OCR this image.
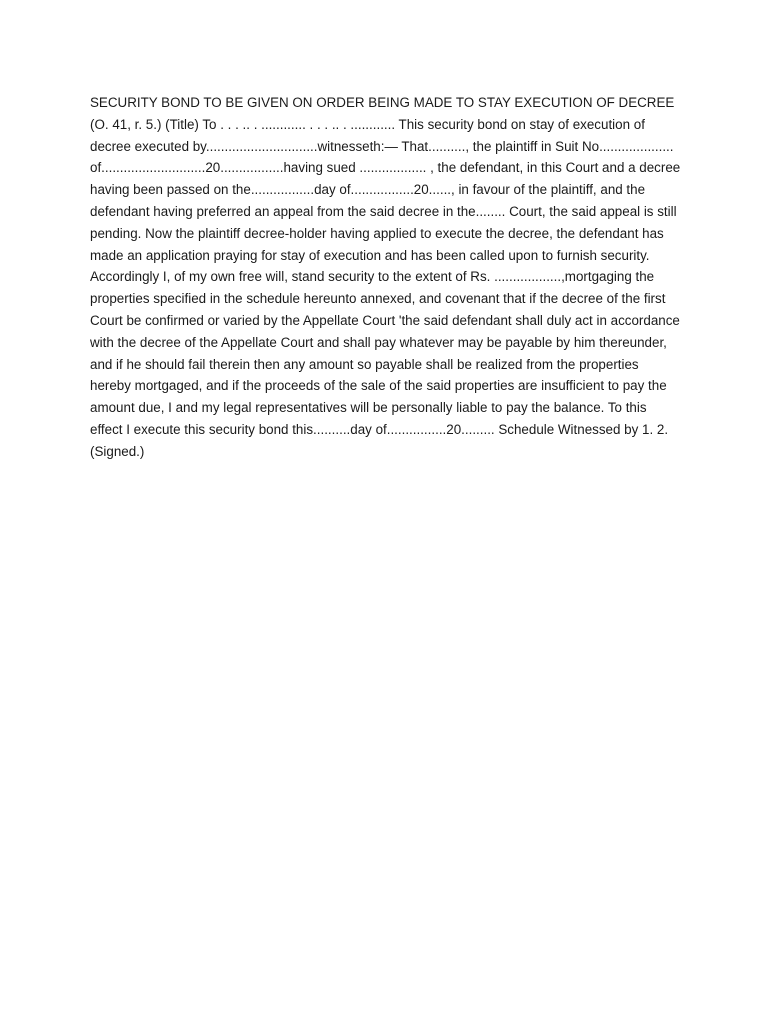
SECURITY BOND TO BE GIVEN ON ORDER BEING MADE TO STAY EXECUTION OF DECREE (O. 41, r. 5.) (Title) To . . . .. . ............ . . . .. . ............ This security bond on stay of execution of decree executed by..............................witnesseth:— That.........., the plaintiff in Suit No.................... of............................20.................having sued .................. , the defendant, in this Court and a decree having been passed on the.................day of.................20......, in favour of the plaintiff, and the defendant having preferred an appeal from the said decree in the........ Court, the said appeal is still pending. Now the plaintiff decree-holder having applied to execute the decree, the defendant has made an application praying for stay of execution and has been called upon to furnish security. Accordingly I, of my own free will, stand security to the extent of Rs. ..................,mortgaging the properties specified in the schedule hereunto annexed, and covenant that if the decree of the first Court be confirmed or varied by the Appellate Court 'the said defendant shall duly act in accordance with the decree of the Appellate Court and shall pay whatever may be payable by him thereunder, and if he should fail therein then any amount so payable shall be realized from the properties hereby mortgaged, and if the proceeds of the sale of the said properties are insufficient to pay the amount due, I and my legal representatives will be personally liable to pay the balance. To this effect I execute this security bond this..........day of................20......... Schedule Witnessed by 1. 2. (Signed.)
